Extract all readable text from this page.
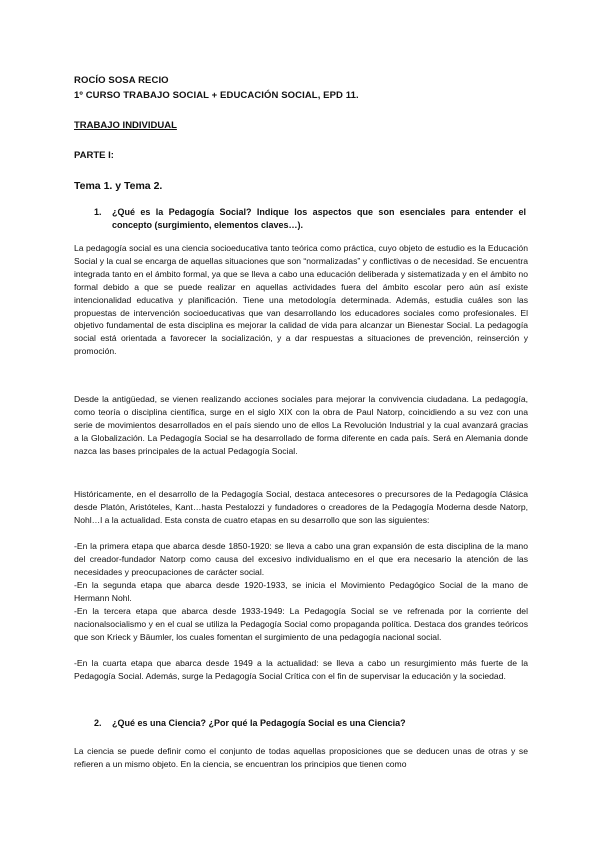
ROCÍO SOSA RECIO
1º CURSO TRABAJO SOCIAL + EDUCACIÓN SOCIAL, EPD 11.
TRABAJO INDIVIDUAL
PARTE I:
Tema 1. y Tema 2.
1. ¿Qué es la Pedagogía Social? Indique los aspectos que son esenciales para entender el concepto (surgimiento, elementos claves…).

La pedagogía social es una ciencia socioeducativa tanto teórica como práctica, cuyo objeto de estudio es la Educación Social y la cual se encarga de aquellas situaciones que son “normalizadas” y conflictivas o de necesidad. Se encuentra integrada tanto en el ámbito formal, ya que se lleva a cabo una educación deliberada y sistematizada y en el ámbito no formal debido a que se puede realizar en aquellas actividades fuera del ámbito escolar pero aún así existe intencionalidad educativa y planificación. Tiene una metodología determinada. Además, estudia cuáles son las propuestas de intervención socioeducativas que van desarrollando los educadores sociales como profesionales. El objetivo fundamental de esta disciplina es mejorar la calidad de vida para alcanzar un Bienestar Social. La pedagogía social está orientada a favorecer la socialización, y a dar respuestas a situaciones de prevención, reinserción y promoción.

Desde la antigüedad, se vienen realizando acciones sociales para mejorar la convivencia ciudadana. La pedagogía, como teoría o disciplina científica, surge en el siglo XIX con la obra de Paul Natorp, coincidiendo a su vez con una serie de movimientos desarrollados en el país siendo uno de ellos La Revolución Industrial y la cual avanzará gracias a la Globalización. La Pedagogía Social se ha desarrollado de forma diferente en cada país. Será en Alemania donde nazca las bases principales de la actual Pedagogía Social.

Históricamente, en el desarrollo de la Pedagogía Social, destaca antecesores o precursores de la Pedagogía Clásica desde Platón, Aristóteles, Kant…hasta Pestalozzi y fundadores o creadores de la Pedagogía Moderna desde Natorp, Nohl…l a la actualidad. Esta consta de cuatro etapas en su desarrollo que son las siguientes:

-En la primera etapa que abarca desde 1850-1920: se lleva a cabo una gran expansión de esta disciplina de la mano del creador-fundador Natorp como causa del excesivo individualismo en el que era necesario la atención de las necesidades y preocupaciones de carácter social.

-En la segunda etapa que abarca desde 1920-1933, se inicia el Movimiento Pedagógico Social de la mano de Hermann Nohl.

-En la tercera etapa que abarca desde 1933-1949: La Pedagogía Social se ve refrenada por la corriente del nacionalsocialismo y en el cual se utiliza la Pedagogía Social como propaganda política. Destaca dos grandes teóricos que son Krieck y Bäumler, los cuales fomentan el surgimiento de una pedagogía nacional social.

-En la cuarta etapa que abarca desde 1949 a la actualidad: se lleva a cabo un resurgimiento más fuerte de la Pedagogía Social. Además, surge la Pedagogía Social Crítica con el fin de supervisar la educación y la sociedad.

2. ¿Qué es una Ciencia? ¿Por qué la Pedagogía Social es una Ciencia?

La ciencia se puede definir como el conjunto de todas aquellas proposiciones que se deducen unas de otras y se refieren a un mismo objeto. En la ciencia, se encuentran los principios que tienen como
